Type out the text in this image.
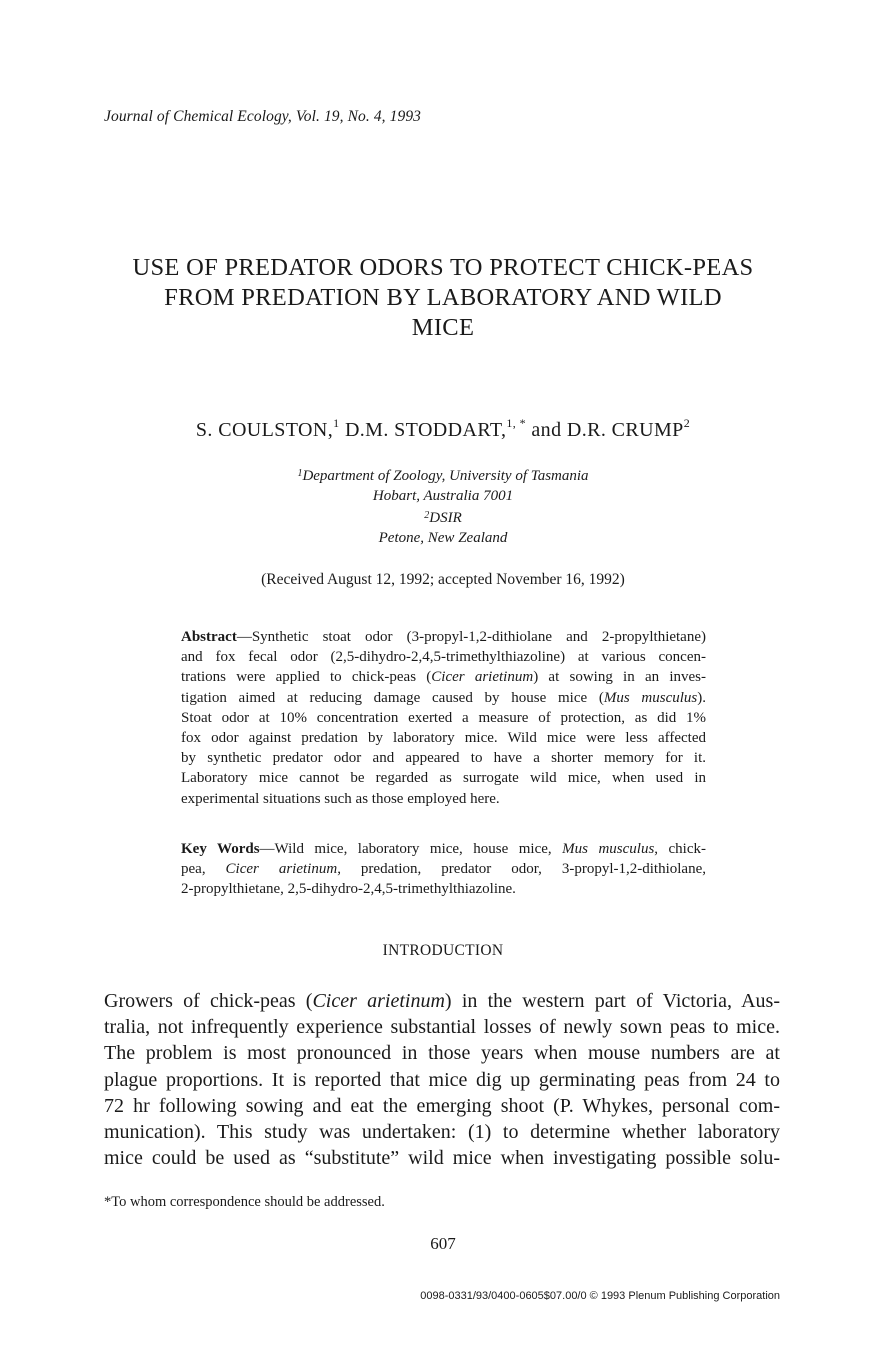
Journal of Chemical Ecology, Vol. 19, No. 4, 1993
USE OF PREDATOR ODORS TO PROTECT CHICK-PEAS
FROM PREDATION BY LABORATORY AND WILD
MICE
S. COULSTON,$^1$ D.M. STODDART,$^{1, *}$ and D.R. CRUMP$^2$
$^1$Department of Zoology, University of Tasmania
Hobart, Australia 7001
$^2$DSIR
Petone, New Zealand
(Received August 12, 1992; accepted November 16, 1992)
Abstract—Synthetic stoat odor (3-propyl-1,2-dithiolane and 2-propylthietane)
and fox fecal odor (2,5-dihydro-2,4,5-trimethylthiazoline) at various concen-
trations were applied to chick-peas (Cicer arietinum) at sowing in an inves-
tigation aimed at reducing damage caused by house mice (Mus musculus).
Stoat odor at 10% concentration exerted a measure of protection, as did 1%
fox odor against predation by laboratory mice. Wild mice were less affected
by synthetic predator odor and appeared to have a shorter memory for it.
Laboratory mice cannot be regarded as surrogate wild mice, when used in
experimental situations such as those employed here.
Key Words—Wild mice, laboratory mice, house mice, Mus musculus, chick-
pea, Cicer arietinum, predation, predator odor, 3-propyl-1,2-dithiolane,
2-propylthietane, 2,5-dihydro-2,4,5-trimethylthiazoline.
INTRODUCTION
Growers of chick-peas (Cicer arietinum) in the western part of Victoria, Aus-
tralia, not infrequently experience substantial losses of newly sown peas to mice.
The problem is most pronounced in those years when mouse numbers are at
plague proportions. It is reported that mice dig up germinating peas from 24 to
72 hr following sowing and eat the emerging shoot (P. Whykes, personal com-
munication). This study was undertaken: (1) to determine whether laboratory
mice could be used as “substitute” wild mice when investigating possible solu-
*To whom correspondence should be addressed.
607
0098-0331/93/0400-0605$07.00/0 © 1993 Plenum Publishing Corporation
